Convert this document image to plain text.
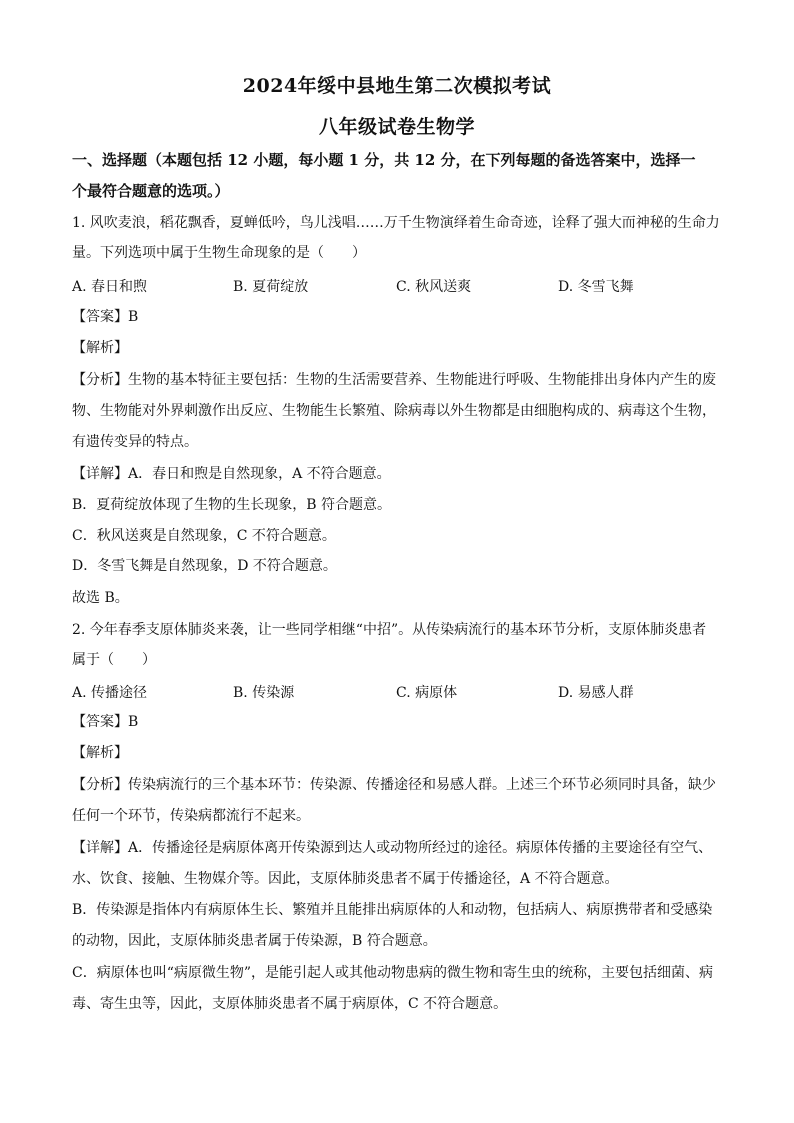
2024年绥中县地生第二次模拟考试
八年级试卷生物学
一、选择题（本题包括 12 小题，每小题 1 分，共 12 分，在下列每题的备选答案中，选择一
个最符合题意的选项。）
1. 风吹麦浪，稻花飘香，夏蝉低吟，鸟儿浅唱……万千生物演绎着生命奇迹，诠释了强大而神秘的生命力
量。下列选项中属于生物生命现象的是（　　）
A. 春日和煦	B. 夏荷绽放	C. 秋风送爽	D. 冬雪飞舞
【答案】B
【解析】
【分析】生物的基本特征主要包括：生物的生活需要营养、生物能进行呼吸、生物能排出身体内产生的废
物、生物能对外界刺激作出反应、生物能生长繁殖、除病毒以外生物都是由细胞构成的、病毒这个生物，
有遗传变异的特点。
【详解】A．春日和煦是自然现象，A 不符合题意。
B．夏荷绽放体现了生物的生长现象，B 符合题意。
C．秋风送爽是自然现象，C 不符合题意。
D．冬雪飞舞是自然现象，D 不符合题意。
故选 B。
2. 今年春季支原体肺炎来袭，让一些同学相继“中招”。从传染病流行的基本环节分析，支原体肺炎患者
属于（　　）
A. 传播途径	B. 传染源	C. 病原体	D. 易感人群
【答案】B
【解析】
【分析】传染病流行的三个基本环节：传染源、传播途径和易感人群。上述三个环节必须同时具备，缺少
任何一个环节，传染病都流行不起来。
【详解】A．传播途径是病原体离开传染源到达人或动物所经过的途径。病原体传播的主要途径有空气、
水、饮食、接触、生物媒介等。因此，支原体肺炎患者不属于传播途径，A 不符合题意。
B．传染源是指体内有病原体生长、繁殖并且能排出病原体的人和动物，包括病人、病原携带者和受感染
的动物，因此，支原体肺炎患者属于传染源，B 符合题意。
C．病原体也叫“病原微生物”，是能引起人或其他动物患病的微生物和寄生虫的统称，主要包括细菌、病
毒、寄生虫等，因此，支原体肺炎患者不属于病原体，C 不符合题意。
